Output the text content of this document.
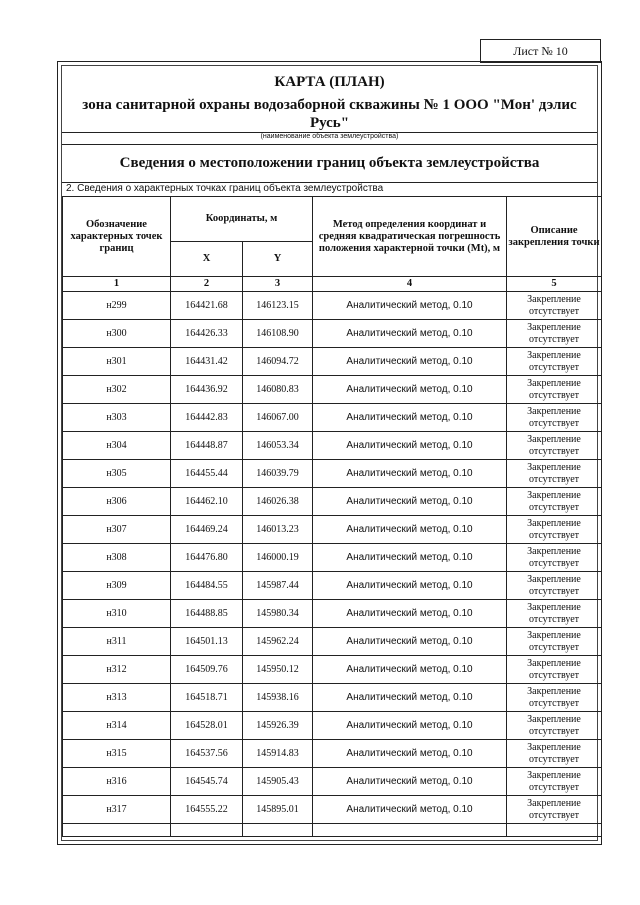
Лист № 10
КАРТА (ПЛАН)
зона санитарной охраны водозаборной скважины № 1 ООО "Мон' дэлис Русь"
(наименование объекта землеустройства)
Сведения о местоположении границ объекта землеустройства
2. Сведения о характерных точках границ объекта землеустройства
Обозначение характерных точек границ	Координаты, м		Метод определения координат и средняя квадратическая погрешность положения характерной точки (Mt), м	Описание закрепления точки
	X	Y		
1	2	3	4	5
н299	164421.68	146123.15	Аналитический метод, 0.10	Закрепление отсутствует
н300	164426.33	146108.90	Аналитический метод, 0.10	Закрепление отсутствует
н301	164431.42	146094.72	Аналитический метод, 0.10	Закрепление отсутствует
н302	164436.92	146080.83	Аналитический метод, 0.10	Закрепление отсутствует
н303	164442.83	146067.00	Аналитический метод, 0.10	Закрепление отсутствует
н304	164448.87	146053.34	Аналитический метод, 0.10	Закрепление отсутствует
н305	164455.44	146039.79	Аналитический метод, 0.10	Закрепление отсутствует
н306	164462.10	146026.38	Аналитический метод, 0.10	Закрепление отсутствует
н307	164469.24	146013.23	Аналитический метод, 0.10	Закрепление отсутствует
н308	164476.80	146000.19	Аналитический метод, 0.10	Закрепление отсутствует
н309	164484.55	145987.44	Аналитический метод, 0.10	Закрепление отсутствует
н310	164488.85	145980.34	Аналитический метод, 0.10	Закрепление отсутствует
н311	164501.13	145962.24	Аналитический метод, 0.10	Закрепление отсутствует
н312	164509.76	145950.12	Аналитический метод, 0.10	Закрепление отсутствует
н313	164518.71	145938.16	Аналитический метод, 0.10	Закрепление отсутствует
н314	164528.01	145926.39	Аналитический метод, 0.10	Закрепление отсутствует
н315	164537.56	145914.83	Аналитический метод, 0.10	Закрепление отсутствует
н316	164545.74	145905.43	Аналитический метод, 0.10	Закрепление отсутствует
н317	164555.22	145895.01	Аналитический метод, 0.10	Закрепление отсутствует
